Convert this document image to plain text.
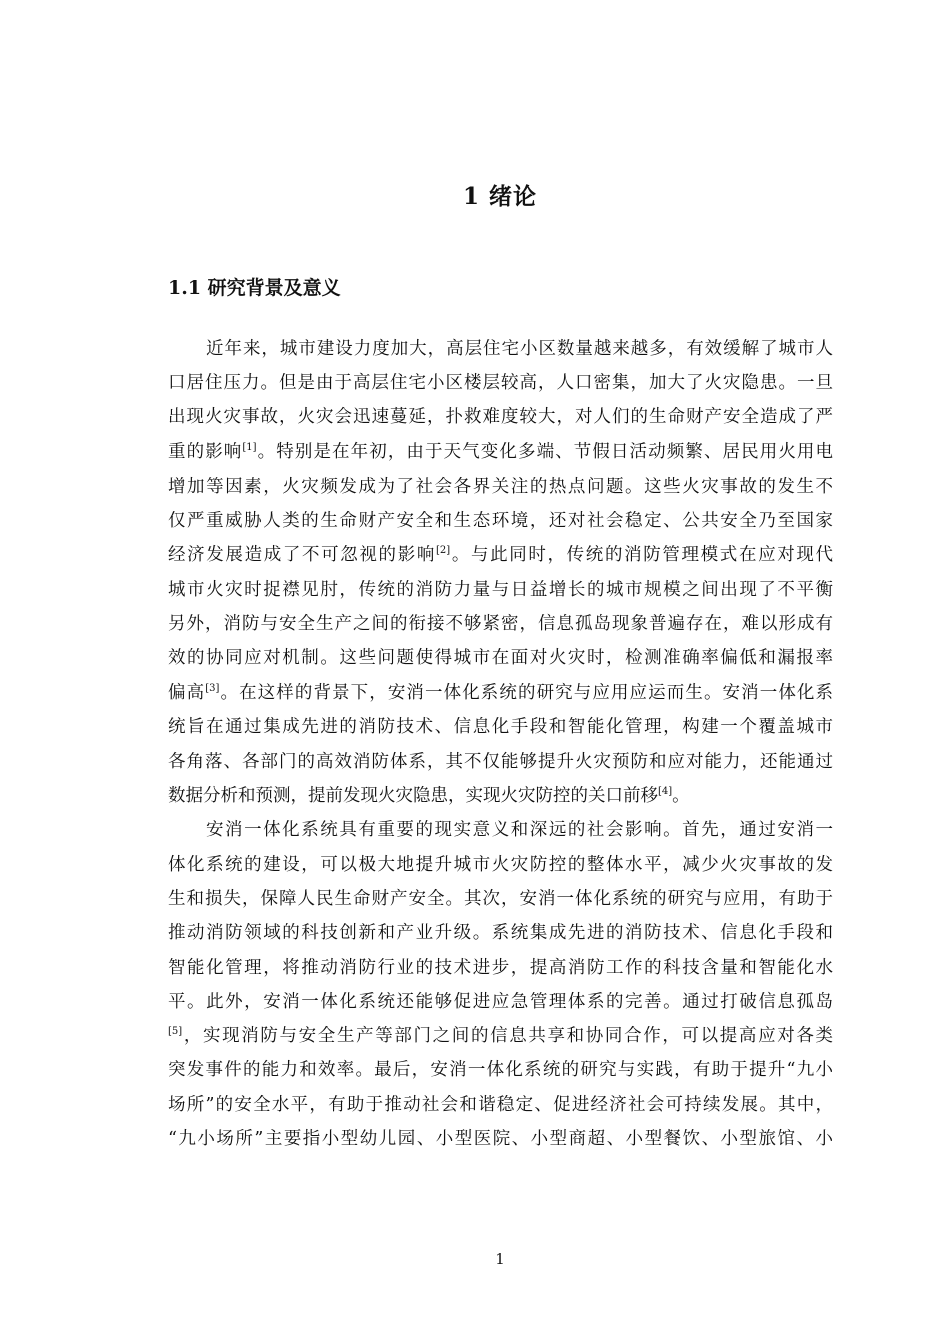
1 绪论
1.1 研究背景及意义
近年来，城市建设力度加大，高层住宅小区数量越来越多，有效缓解了城市人
口居住压力。但是由于高层住宅小区楼层较高，人口密集，加大了火灾隐患。一旦
出现火灾事故，火灾会迅速蔓延，扑救难度较大，对人们的生命财产安全造成了严
重的影响[1]。特别是在年初，由于天气变化多端、节假日活动频繁、居民用火用电
增加等因素，火灾频发成为了社会各界关注的热点问题。这些火灾事故的发生不
仅严重威胁人类的生命财产安全和生态环境，还对社会稳定、公共安全乃至国家
经济发展造成了不可忽视的影响[2]。与此同时，传统的消防管理模式在应对现代
城市火灾时捉襟见肘，传统的消防力量与日益增长的城市规模之间出现了不平衡
另外，消防与安全生产之间的衔接不够紧密，信息孤岛现象普遍存在，难以形成有
效的协同应对机制。这些问题使得城市在面对火灾时，检测准确率偏低和漏报率
偏高[3]。在这样的背景下，安消一体化系统的研究与应用应运而生。安消一体化系
统旨在通过集成先进的消防技术、信息化手段和智能化管理，构建一个覆盖城市
各角落、各部门的高效消防体系，其不仅能够提升火灾预防和应对能力，还能通过
数据分析和预测，提前发现火灾隐患，实现火灾防控的关口前移[4]。
安消一体化系统具有重要的现实意义和深远的社会影响。首先，通过安消一
体化系统的建设，可以极大地提升城市火灾防控的整体水平，减少火灾事故的发
生和损失，保障人民生命财产安全。其次，安消一体化系统的研究与应用，有助于
推动消防领域的科技创新和产业升级。系统集成先进的消防技术、信息化手段和
智能化管理，将推动消防行业的技术进步，提高消防工作的科技含量和智能化水
平。此外，安消一体化系统还能够促进应急管理体系的完善。通过打破信息孤岛
[5]，实现消防与安全生产等部门之间的信息共享和协同合作，可以提高应对各类
突发事件的能力和效率。最后，安消一体化系统的研究与实践，有助于提升“九小
场所”的安全水平，有助于推动社会和谐稳定、促进经济社会可持续发展。其中，
“九小场所”主要指小型幼儿园、小型医院、小型商超、小型餐饮、小型旅馆、小
1
